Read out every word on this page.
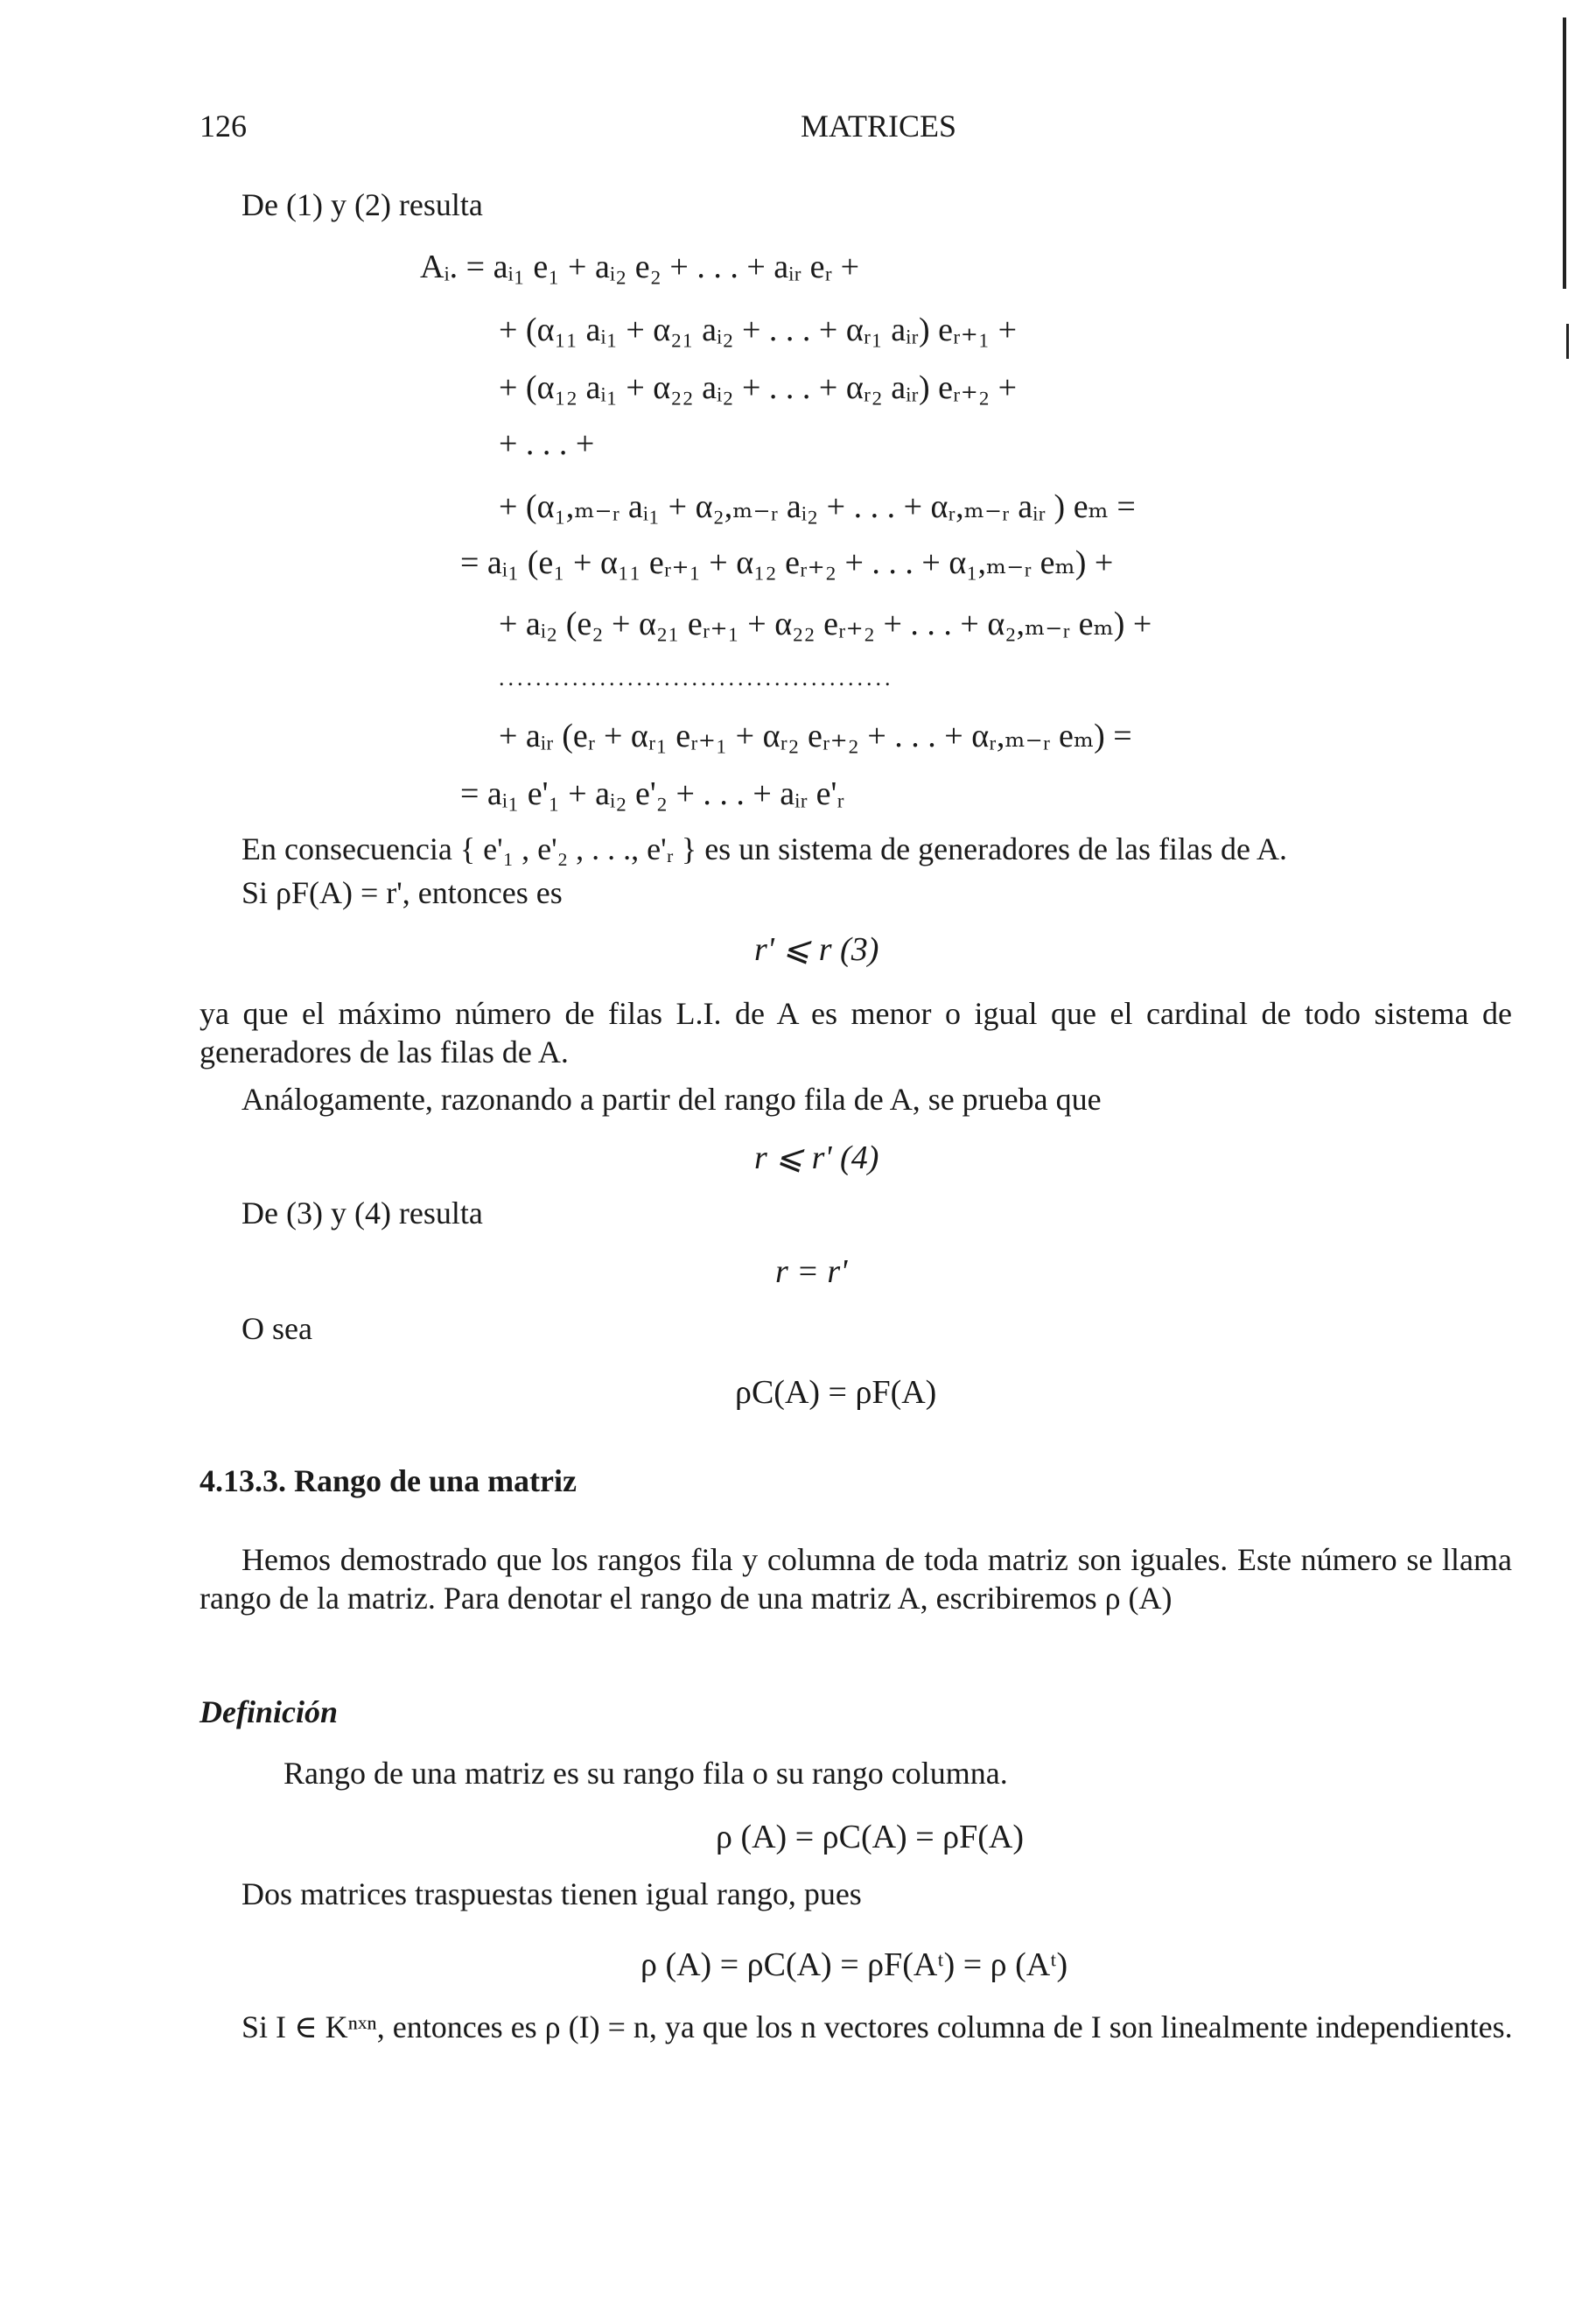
126	MATRICES
De (1) y (2) resulta
Aᵢ. = aᵢ₁ e₁ + aᵢ₂ e₂ + . . . + aᵢᵣ eᵣ +
+ (α₁₁ aᵢ₁ + α₂₁ aᵢ₂ + . . . + αᵣ₁ aᵢᵣ) eᵣ₊₁ +
+ (α₁₂ aᵢ₁ + α₂₂ aᵢ₂ + . . . + αᵣ₂ aᵢᵣ) eᵣ₊₂ +
+ . . . +
+ (α₁,ₘ₋ᵣ aᵢ₁ + α₂,ₘ₋ᵣ aᵢ₂ + . . . + αᵣ,ₘ₋ᵣ aᵢᵣ ) eₘ =
= aᵢ₁ (e₁ + α₁₁ eᵣ₊₁ + α₁₂ eᵣ₊₂ + . . . + α₁,ₘ₋ᵣ eₘ) +
+ aᵢ₂ (e₂ + α₂₁ eᵣ₊₁ + α₂₂ eᵣ₊₂ + . . . + α₂,ₘ₋ᵣ eₘ) +
...........................................
+ aᵢᵣ (eᵣ + αᵣ₁ eᵣ₊₁ + αᵣ₂ eᵣ₊₂ + . . . + αᵣ,ₘ₋ᵣ eₘ) =
= aᵢ₁ e'₁ + aᵢ₂ e'₂ + . . . + aᵢᵣ e'ᵣ
En consecuencia { e'₁ , e'₂ , . . ., e'ᵣ } es un sistema de generadores de las filas de A.
Si ρF(A) = r', entonces es
r' ⩽ r (3)
ya que el máximo número de filas L.I. de A es menor o igual que el cardinal de todo sistema de generadores de las filas de A.
Análogamente, razonando a partir del rango fila de A, se prueba que
r ⩽ r' (4)
De (3) y (4) resulta
r = r'
O sea
ρC(A) = ρF(A)
4.13.3. Rango de una matriz
Hemos demostrado que los rangos fila y columna de toda matriz son iguales. Este número se llama rango de la matriz. Para denotar el rango de una matriz A, escribiremos ρ (A)
Definición
Rango de una matriz es su rango fila o su rango columna.
ρ (A) = ρC(A) = ρF(A)
Dos matrices traspuestas tienen igual rango, pues
ρ (A) = ρC(A) = ρF(Aᵗ) = ρ (Aᵗ)
Si I ∈ Kⁿˣⁿ, entonces es ρ (I) = n, ya que los n vectores columna de I son linealmente independientes.
